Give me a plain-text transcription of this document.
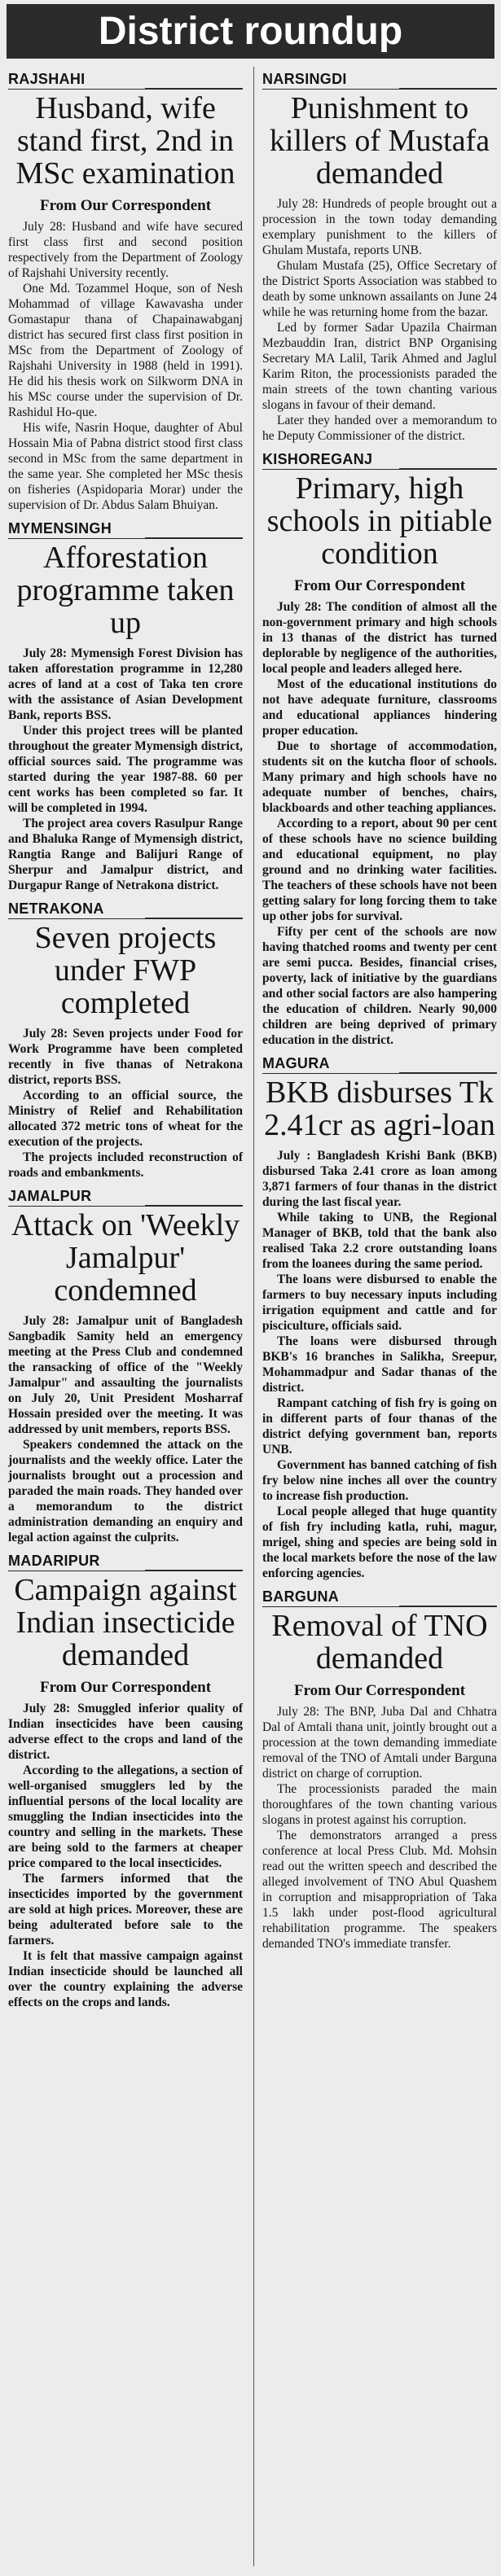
District roundup
RAJSHAHI
Husband, wife stand first, 2nd in MSc examination
From Our Correspondent

July 28: Husband and wife have secured first class first and second position respectively from the Department of Zoology of Rajshahi University recently.

One Md. Tozammel Hoque, son of Nesh Mohammad of village Kawavasha under Gomastapur thana of Chapainawabganj district has secured first class first position in MSc from the Department of Zoology of Rajshahi University in 1988 (held in 1991). He did his thesis work on Silkworm DNA in his MSc course under the supervision of Dr. Rashidul Ho-que.

His wife, Nasrin Hoque, daughter of Abul Hossain Mia of Pabna district stood first class second in MSc from the same department in the same year. She completed her MSc thesis on fisheries (Aspidoparia Morar) under the supervision of Dr. Abdus Salam Bhuiyan.

MYMENSINGH
Afforestation programme taken up

July 28: Mymensigh Forest Division has taken afforestation programme in 12,280 acres of land at a cost of Taka ten crore with the assistance of Asian Development Bank, reports BSS.

Under this project trees will be planted throughout the greater Mymensigh district, official sources said. The programme was started during the year 1987-88. 60 per cent works has been completed so far. It will be completed in 1994.

The project area covers Rasulpur Range and Bhaluka Range of Mymensigh district, Rangtia Range and Balijuri Range of Sherpur and Jamalpur district, and Durgapur Range of Netrakona district.

NETRAKONA
Seven projects under FWP completed

July 28: Seven projects under Food for Work Programme have been completed recently in five thanas of Netrakona district, reports BSS.

According to an official source, the Ministry of Relief and Rehabilitation allocated 372 metric tons of wheat for the execution of the projects.

The projects included reconstruction of roads and embankments.

JAMALPUR
Attack on 'Weekly Jamalpur' condemned

July 28: Jamalpur unit of Bangladesh Sangbadik Samity held an emergency meeting at the Press Club and condemned the ransacking of office of the "Weekly Jamalpur" and assaulting the journalists on July 20, Unit President Mosharraf Hossain presided over the meeting. It was addressed by unit members, reports BSS.

Speakers condemned the attack on the journalists and the weekly office. Later the journalists brought out a procession and paraded the main roads. They handed over a memorandum to the district administration demanding an enquiry and legal action against the culprits.

MADARIPUR
Campaign against Indian insecticide demanded
From Our Correspondent

July 28: Smuggled inferior quality of Indian insecticides have been causing adverse effect to the crops and land of the district.

According to the allegations, a section of well-organised smugglers led by the influential persons of the local locality are smuggling the Indian insecticides into the country and selling in the markets. These are being sold to the farmers at cheaper price compared to the local insecticides.

The farmers informed that the insecticides imported by the government are sold at high prices. Moreover, these are being adulterated before sale to the farmers.

It is felt that massive campaign against Indian insecticide should be launched all over the country explaining the adverse effects on the crops and lands.

NARSINGDI
Punishment to killers of Mustafa demanded

July 28: Hundreds of people brought out a procession in the town today demanding exemplary punishment to the killers of Ghulam Mustafa, reports UNB.

Ghulam Mustafa (25), Office Secretary of the District Sports Association was stabbed to death by some unknown assailants on June 24 while he was returning home from the bazar.

Led by former Sadar Upazila Chairman Mezbauddin Iran, district BNP Organising Secretary MA Lalil, Tarik Ahmed and Jaglul Karim Riton, the processionists paraded the main streets of the town chanting various slogans in favour of their demand.

Later they handed over a memorandum to he Deputy Commissioner of the district.

KISHOREGANJ
Primary, high schools in pitiable condition
From Our Correspondent

July 28: The condition of almost all the non-government primary and high schools in 13 thanas of the district has turned deplorable by negligence of the authorities, local people and leaders alleged here.

Most of the educational institutions do not have adequate furniture, classrooms and educational appliances hindering proper education.

Due to shortage of accommodation, students sit on the kutcha floor of schools. Many primary and high schools have no adequate number of benches, chairs, blackboards and other teaching appliances.

According to a report, about 90 per cent of these schools have no science building and educational equipment, no play ground and no drinking water facilities. The teachers of these schools have not been getting salary for long forcing them to take up other jobs for survival.

Fifty per cent of the schools are now having thatched rooms and twenty per cent are semi pucca. Besides, financial crises, poverty, lack of initiative by the guardians and other social factors are also hampering the education of children. Nearly 90,000 children are being deprived of primary education in the district.

MAGURA
BKB disburses Tk 2.41cr as agri-loan

July : Bangladesh Krishi Bank (BKB) disbursed Taka 2.41 crore as loan among 3,871 farmers of four thanas in the district during the last fiscal year.

While taking to UNB, the Regional Manager of BKB, told that the bank also realised Taka 2.2 crore outstanding loans from the loanees during the same period.

The loans were disbursed to enable the farmers to buy necessary inputs including irrigation equipment and cattle and for pisciculture, officials said.

The loans were disbursed through BKB's 16 branches in Salikha, Sreepur, Mohammadpur and Sadar thanas of the district.

Rampant catching of fish fry is going on in different parts of four thanas of the district defying government ban, reports UNB.

Government has banned catching of fish fry below nine inches all over the country to increase fish production.

Local people alleged that huge quantity of fish fry including katla, ruhi, magur, mrigel, shing and species are being sold in the local markets before the nose of the law enforcing agencies.

BARGUNA
Removal of TNO demanded
From Our Correspondent

July 28: The BNP, Juba Dal and Chhatra Dal of Amtali thana unit, jointly brought out a procession at the town demanding immediate removal of the TNO of Amtali under Barguna district on charge of corruption.

The processionists paraded the main thoroughfares of the town chanting various slogans in protest against his corruption.

The demonstrators arranged a press conference at local Press Club. Md. Mohsin read out the written speech and described the alleged involvement of TNO Abul Quashem in corruption and misappropriation of Taka 1.5 lakh under post-flood agricultural rehabilitation programme. The speakers demanded TNO's immediate transfer.
